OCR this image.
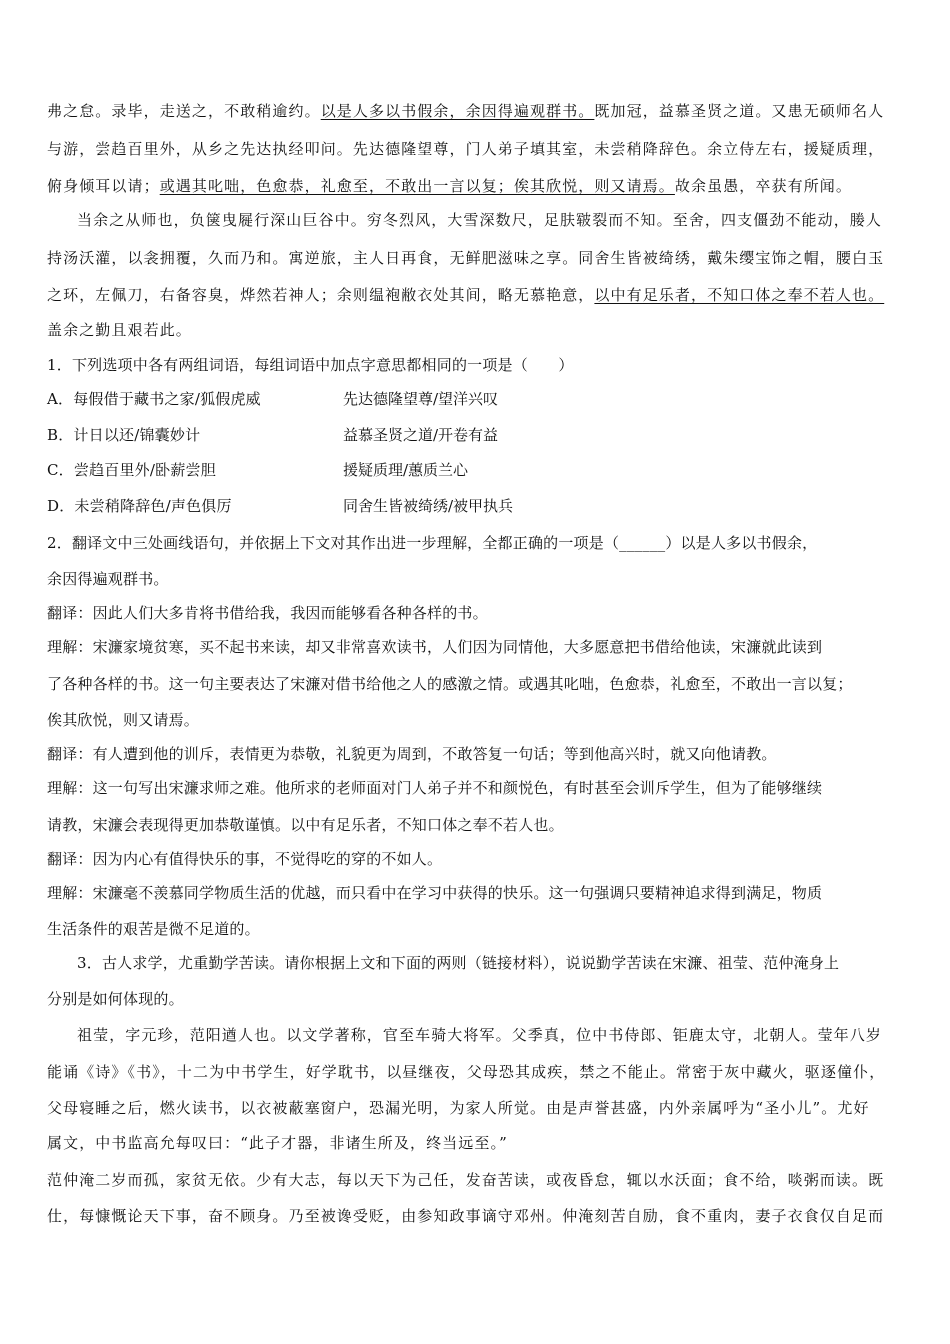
弗之怠。录毕，走送之，不敢稍逾约。以是人多以书假余，余因得遍观群书。既加冠，益慕圣贤之道。又患无硕师名人
与游，尝趋百里外，从乡之先达执经叩问。先达德隆望尊，门人弟子填其室，未尝稍降辞色。余立侍左右，援疑质理，
俯身倾耳以请；或遇其叱咄，色愈恭，礼愈至，不敢出一言以复；俟其欣悦，则又请焉。故余虽愚，卒获有所闻。
当余之从师也，负箧曳屣行深山巨谷中。穷冬烈风，大雪深数尺，足肤皲裂而不知。至舍，四支僵劲不能动，媵人
持汤沃灌，以衾拥覆，久而乃和。寓逆旅，主人日再食，无鲜肥滋味之享。同舍生皆被绮绣，戴朱缨宝饰之帽，腰白玉
之环，左佩刀，右备容臭，烨然若神人；余则缊袍敝衣处其间，略无慕艳意，以中有足乐者，不知口体之奉不若人也。
盖余之勤且艰若此。
1．下列选项中各有两组词语，每组词语中加点字意思都相同的一项是（　　）
A．每假借于藏书之家/狐假虎威	先达德隆望尊/望洋兴叹
B．计日以还/锦囊妙计	益慕圣贤之道/开卷有益
C．尝趋百里外/卧薪尝胆	援疑质理/蕙质兰心
D．未尝稍降辞色/声色俱厉	同舍生皆被绮绣/被甲执兵
2．翻译文中三处画线语句，并依据上下文对其作出进一步理解，全都正确的一项是（______）以是人多以书假余，
余因得遍观群书。
翻译：因此人们大多肯将书借给我，我因而能够看各种各样的书。
理解：宋濂家境贫寒，买不起书来读，却又非常喜欢读书，人们因为同情他，大多愿意把书借给他读，宋濂就此读到
了各种各样的书。这一句主要表达了宋濂对借书给他之人的感激之情。或遇其叱咄，色愈恭，礼愈至，不敢出一言以复；
俟其欣悦，则又请焉。
翻译：有人遭到他的训斥，表情更为恭敬，礼貌更为周到，不敢答复一句话；等到他高兴时，就又向他请教。
理解：这一句写出宋濂求师之难。他所求的老师面对门人弟子并不和颜悦色，有时甚至会训斥学生，但为了能够继续
请教，宋濂会表现得更加恭敬谨慎。以中有足乐者，不知口体之奉不若人也。
翻译：因为内心有值得快乐的事，不觉得吃的穿的不如人。
理解：宋濂毫不羡慕同学物质生活的优越，而只看中在学习中获得的快乐。这一句强调只要精神追求得到满足，物质
生活条件的艰苦是微不足道的。
3．古人求学，尤重勤学苦读。请你根据上文和下面的两则（链接材料），说说勤学苦读在宋濂、祖莹、范仲淹身上
分别是如何体现的。
祖莹，字元珍，范阳遒人也。以文学著称，官至车骑大将军。父季真，位中书侍郎、钜鹿太守，北朝人。莹年八岁
能诵《诗》《书》，十二为中书学生，好学耽书，以昼继夜，父母恐其成疾，禁之不能止。常密于灰中藏火，驱逐僮仆，
父母寝睡之后，燃火读书，以衣被蔽塞窗户，恐漏光明，为家人所觉。由是声誉甚盛，内外亲属呼为“圣小儿”。尤好
属文，中书监高允每叹曰：“此子才器，非诸生所及，终当远至。”
范仲淹二岁而孤，家贫无依。少有大志，每以天下为己任，发奋苦读，或夜昏怠，辄以水沃面；食不给，啖粥而读。既
仕，每慷慨论天下事，奋不顾身。乃至被谗受贬，由参知政事谪守邓州。仲淹刻苦自励，食不重肉，妻子衣食仅自足而
